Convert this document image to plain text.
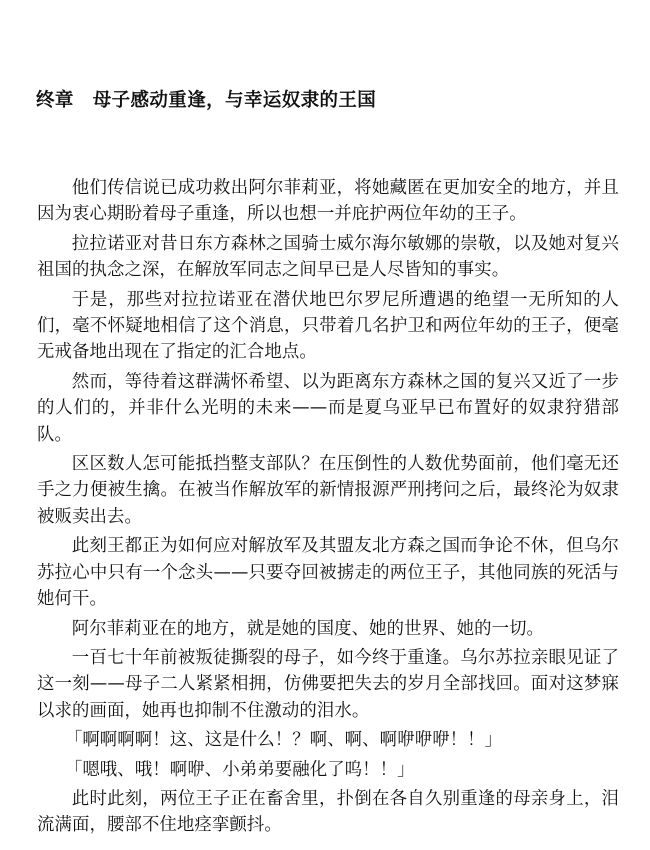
终章　母子感动重逢，与幸运奴隶的王国

他们传信说已成功救出阿尔菲莉亚，将她藏匿在更加安全的地方，并且因为衷心期盼着母子重逢，所以也想一并庇护两位年幼的王子。

拉拉诺亚对昔日东方森林之国骑士威尔海尔敏娜的崇敬，以及她对复兴祖国的执念之深，在解放军同志之间早已是人尽皆知的事实。

于是，那些对拉拉诺亚在潜伏地巴尔罗尼所遭遇的绝望一无所知的人们，毫不怀疑地相信了这个消息，只带着几名护卫和两位年幼的王子，便毫无戒备地出现在了指定的汇合地点。

然而，等待着这群满怀希望、以为距离东方森林之国的复兴又近了一步的人们的，并非什么光明的未来——而是夏乌亚早已布置好的奴隶狩猎部队。

区区数人怎可能抵挡整支部队？在压倒性的人数优势面前，他们毫无还手之力便被生擒。在被当作解放军的新情报源严刑拷问之后，最终沦为奴隶被贩卖出去。

此刻王都正为如何应对解放军及其盟友北方森之国而争论不休，但乌尔苏拉心中只有一个念头——只要夺回被掳走的两位王子，其他同族的死活与她何干。

阿尔菲莉亚在的地方，就是她的国度、她的世界、她的一切。

一百七十年前被叛徒撕裂的母子，如今终于重逢。乌尔苏拉亲眼见证了这一刻——母子二人紧紧相拥，仿佛要把失去的岁月全部找回。面对这梦寐以求的画面，她再也抑制不住激动的泪水。

「啊啊啊啊！这、这是什么！？啊、啊、啊咿咿咿！！」

「嗯哦、哦！啊咿、小弟弟要融化了呜！！」

此时此刻，两位王子正在畜舍里，扑倒在各自久别重逢的母亲身上，泪流满面，腰部不住地痉挛颤抖。
